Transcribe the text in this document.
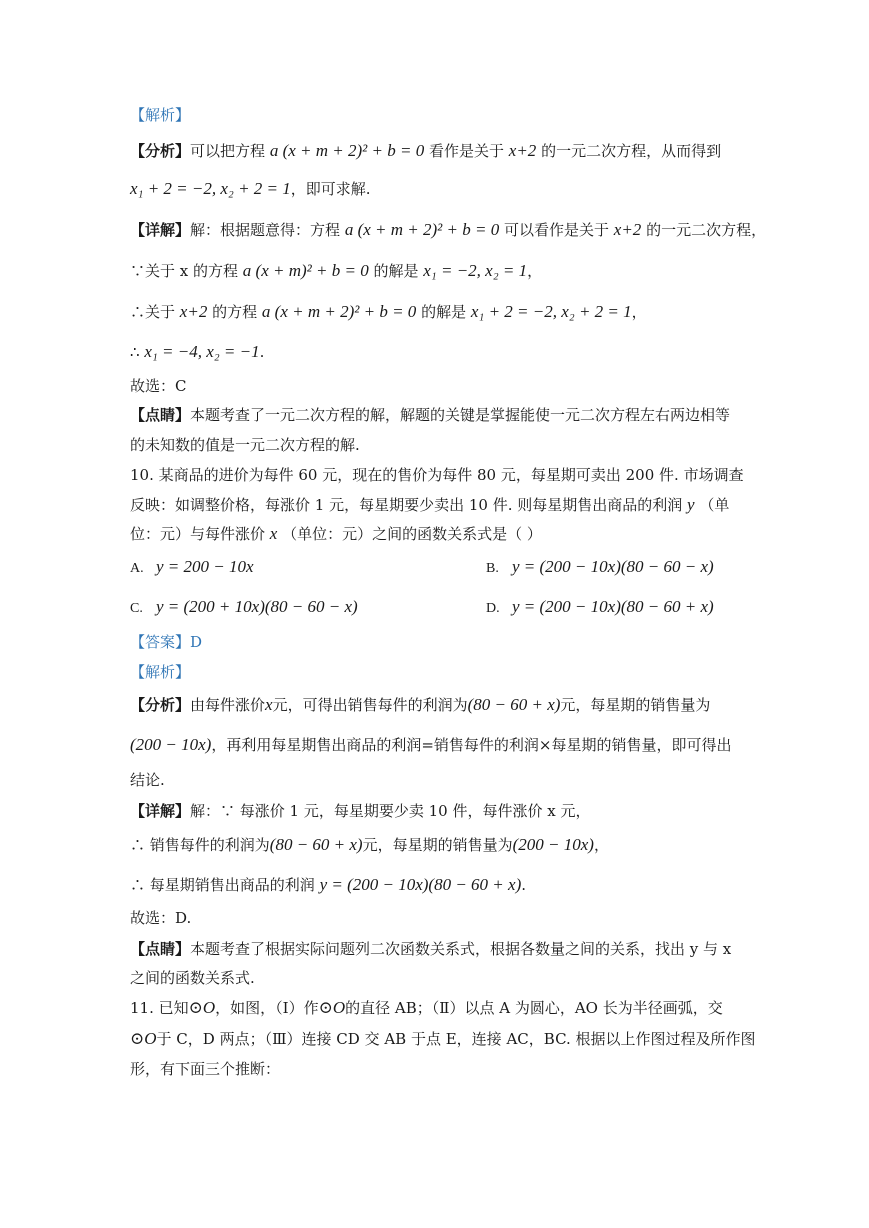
【解析】
【分析】可以把方程 a (x + m + 2)² + b = 0 看作是关于 x+2 的一元二次方程，从而得到
x₁ + 2 = −2, x₂ + 2 = 1，即可求解.
【详解】解：根据题意得：方程 a (x + m + 2)² + b = 0 可以看作是关于 x+2 的一元二次方程，
∵关于 x 的方程 a (x + m)² + b = 0 的解是 x₁ = −2, x₂ = 1，
∴关于 x+2 的方程 a (x + m + 2)² + b = 0 的解是 x₁ + 2 = −2, x₂ + 2 = 1，
∴ x₁ = −4, x₂ = −1.
故选：C
【点睛】本题考查了一元二次方程的解，解题的关键是掌握能使一元二次方程左右两边相等
的未知数的值是一元二次方程的解.
10. 某商品的进价为每件 60 元，现在的售价为每件 80 元，每星期可卖出 200 件. 市场调查
反映：如调整价格，每涨价 1 元，每星期要少卖出 10 件. 则每星期售出商品的利润 y （单
位：元）与每件涨价 x （单位：元）之间的函数关系式是（ ）
A. y = 200 − 10x	B. y = (200 − 10x)(80 − 60 − x)
C. y = (200 + 10x)(80 − 60 − x)	D. y = (200 − 10x)(80 − 60 + x)
【答案】D
【解析】
【分析】由每件涨价x元，可得出销售每件的利润为(80 − 60 + x)元，每星期的销售量为
(200 − 10x)，再利用每星期售出商品的利润=销售每件的利润×每星期的销售量，即可得出
结论.
【详解】解：∵ 每涨价 1 元，每星期要少卖 10 件，每件涨价 x 元，
∴ 销售每件的利润为(80 − 60 + x)元，每星期的销售量为(200 − 10x)，
∴ 每星期销售出商品的利润 y = (200 − 10x)(80 − 60 + x).
故选：D.
【点睛】本题考查了根据实际问题列二次函数关系式，根据各数量之间的关系，找出 y 与 x
之间的函数关系式.
11. 已知⊙O，如图，（Ⅰ）作⊙O的直径 AB；（Ⅱ）以点 A 为圆心，AO 长为半径画弧，交
⊙O于 C，D 两点；（Ⅲ）连接 CD 交 AB 于点 E，连接 AC，BC. 根据以上作图过程及所作图
形，有下面三个推断：
